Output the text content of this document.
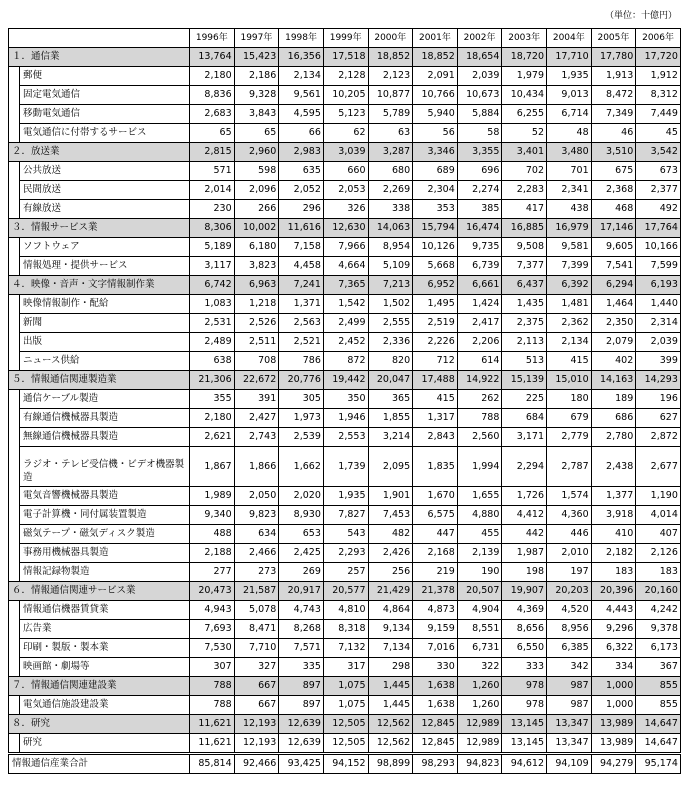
（単位：十億円）
		1996年	1997年	1998年	1999年	2000年	2001年	2002年	2003年	2004年	2005年	2006年
１．通信業		13,764	15,423	16,356	17,518	18,852	18,852	18,654	18,720	17,710	17,780	17,720
	郵便	2,180	2,186	2,134	2,128	2,123	2,091	2,039	1,979	1,935	1,913	1,912
	固定電気通信	8,836	9,328	9,561	10,205	10,877	10,766	10,673	10,434	9,013	8,472	8,312
	移動電気通信	2,683	3,843	4,595	5,123	5,789	5,940	5,884	6,255	6,714	7,349	7,449
	電気通信に付帯するサービス	65	65	66	62	63	56	58	52	48	46	45
２．放送業		2,815	2,960	2,983	3,039	3,287	3,346	3,355	3,401	3,480	3,510	3,542
	公共放送	571	598	635	660	680	689	696	702	701	675	673
	民間放送	2,014	2,096	2,052	2,053	2,269	2,304	2,274	2,283	2,341	2,368	2,377
	有線放送	230	266	296	326	338	353	385	417	438	468	492
３．情報サービス業		8,306	10,002	11,616	12,630	14,063	15,794	16,474	16,885	16,979	17,146	17,764
	ソフトウェア	5,189	6,180	7,158	7,966	8,954	10,126	9,735	9,508	9,581	9,605	10,166
	情報処理・提供サービス	3,117	3,823	4,458	4,664	5,109	5,668	6,739	7,377	7,399	7,541	7,599
４．映像・音声・文字情報制作業		6,742	6,963	7,241	7,365	7,213	6,952	6,661	6,437	6,392	6,294	6,193
	映像情報制作・配給	1,083	1,218	1,371	1,542	1,502	1,495	1,424	1,435	1,481	1,464	1,440
	新聞	2,531	2,526	2,563	2,499	2,555	2,519	2,417	2,375	2,362	2,350	2,314
	出版	2,489	2,511	2,521	2,452	2,336	2,226	2,206	2,113	2,134	2,079	2,039
	ニュース供給	638	708	786	872	820	712	614	513	415	402	399
５．情報通信関連製造業		21,306	22,672	20,776	19,442	20,047	17,488	14,922	15,139	15,010	14,163	14,293
	通信ケーブル製造	355	391	305	350	365	415	262	225	180	189	196
	有線通信機械器具製造	2,180	2,427	1,973	1,946	1,855	1,317	788	684	679	686	627
	無線通信機械器具製造	2,621	2,743	2,539	2,553	3,214	2,843	2,560	3,171	2,779	2,780	2,872
	ラジオ・テレビ受信機・ビデオ機器製造	1,867	1,866	1,662	1,739	2,095	1,835	1,994	2,294	2,787	2,438	2,677
	電気音響機械器具製造	1,989	2,050	2,020	1,935	1,901	1,670	1,655	1,726	1,574	1,377	1,190
	電子計算機・同付属装置製造	9,340	9,823	8,930	7,827	7,453	6,575	4,880	4,412	4,360	3,918	4,014
	磁気テープ・磁気ディスク製造	488	634	653	543	482	447	455	442	446	410	407
	事務用機械器具製造	2,188	2,466	2,425	2,293	2,426	2,168	2,139	1,987	2,010	2,182	2,126
	情報記録物製造	277	273	269	257	256	219	190	198	197	183	183
６．情報通信関連サービス業		20,473	21,587	20,917	20,577	21,429	21,378	20,507	19,907	20,203	20,396	20,160
	情報通信機器賃貸業	4,943	5,078	4,743	4,810	4,864	4,873	4,904	4,369	4,520	4,443	4,242
	広告業	7,693	8,471	8,268	8,318	9,134	9,159	8,551	8,656	8,956	9,296	9,378
	印刷・製版・製本業	7,530	7,710	7,571	7,132	7,134	7,016	6,731	6,550	6,385	6,322	6,173
	映画館・劇場等	307	327	335	317	298	330	322	333	342	334	367
７．情報通信関連建設業		788	667	897	1,075	1,445	1,638	1,260	978	987	1,000	855
	電気通信施設建設業	788	667	897	1,075	1,445	1,638	1,260	978	987	1,000	855
８．研究		11,621	12,193	12,639	12,505	12,562	12,845	12,989	13,145	13,347	13,989	14,647
	研究	11,621	12,193	12,639	12,505	12,562	12,845	12,989	13,145	13,347	13,989	14,647
情報通信産業合計		85,814	92,466	93,425	94,152	98,899	98,293	94,823	94,612	94,109	94,279	95,174
